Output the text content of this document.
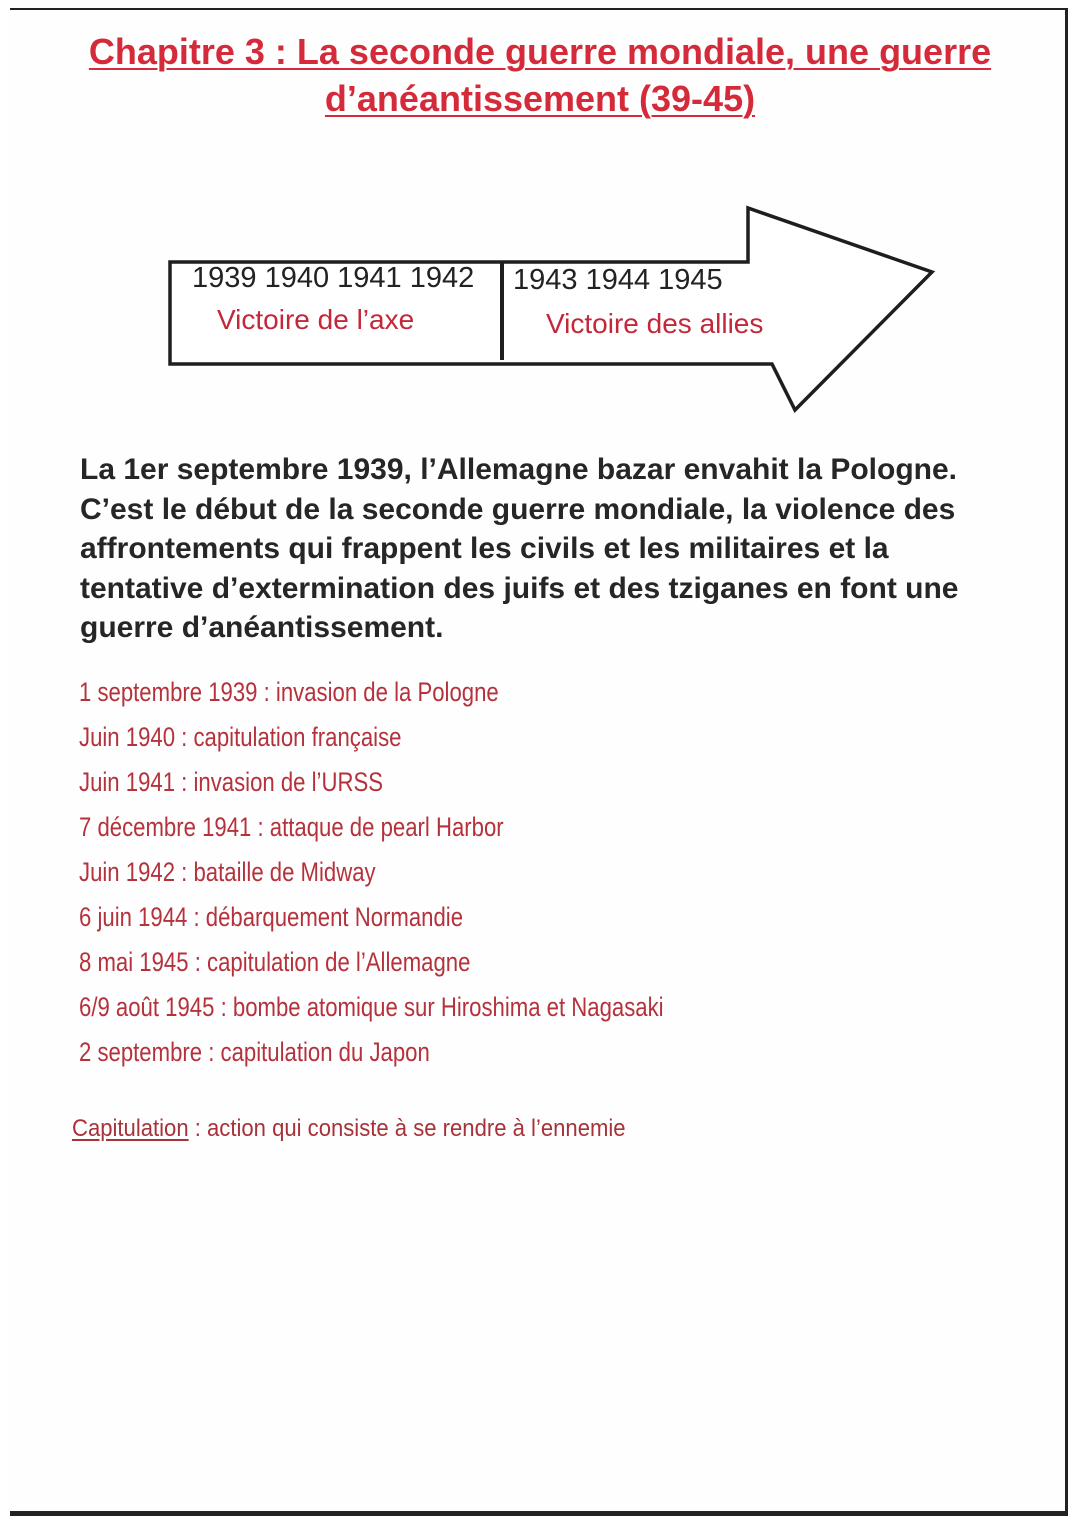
Chapitre 3 : La seconde guerre mondiale, une guerre
d’anéantissement (39-45)
1939 1940 1941 1942
Victoire de l’axe
1943 1944 1945
Victoire des allies

La 1er septembre 1939, l’Allemagne bazar envahit la Pologne. C’est le début de la seconde guerre mondiale, la violence des affrontements qui frappent les civils et les militaires et la tentative d’extermination des juifs et des tziganes en font une guerre d’anéantissement.

1 septembre 1939 : invasion de la Pologne
Juin 1940 : capitulation française
Juin 1941 : invasion de l’URSS
7 décembre 1941 : attaque de pearl Harbor
Juin 1942 : bataille de Midway
6 juin 1944 : débarquement Normandie
8 mai 1945 : capitulation de l’Allemagne
6/9 août 1945 : bombe atomique sur Hiroshima et Nagasaki
2 septembre : capitulation du Japon
Capitulation : action qui consiste à se rendre à l’ennemie
